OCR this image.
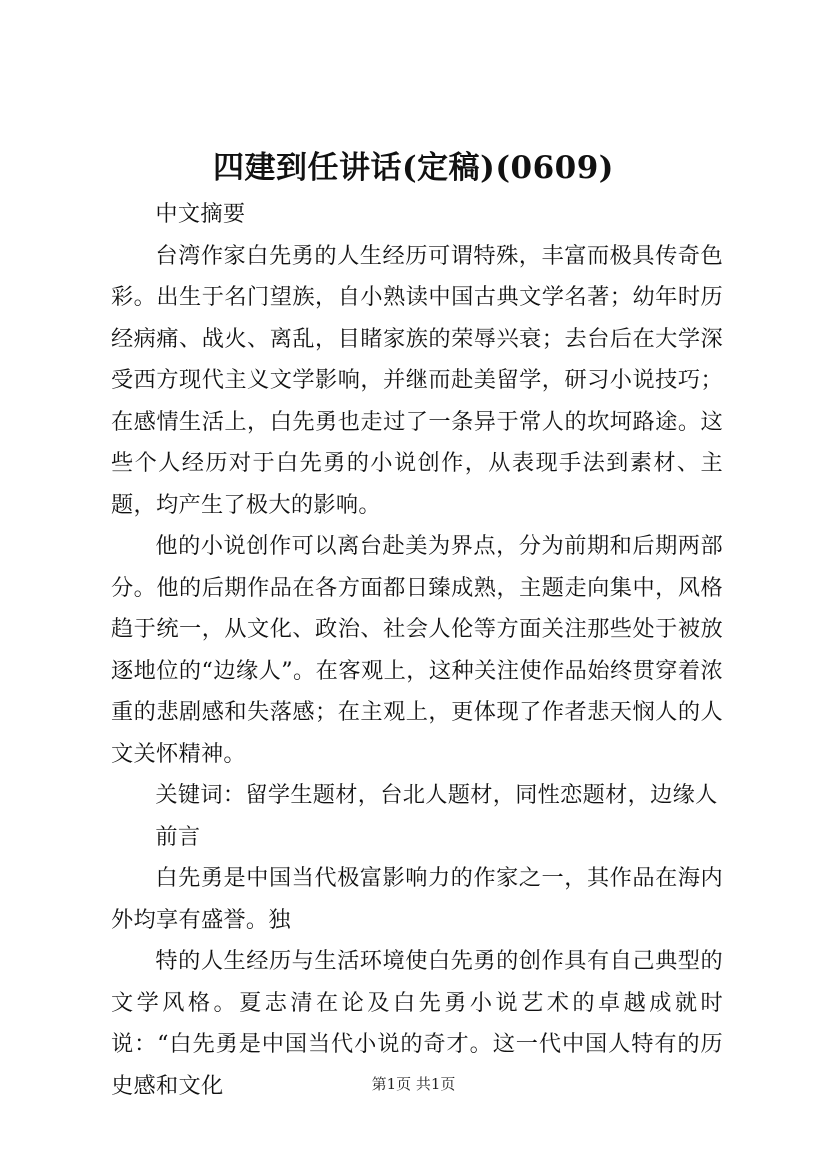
四建到任讲话(定稿)(0609)

中文摘要

台湾作家白先勇的人生经历可谓特殊，丰富而极具传奇色彩。出生于名门望族，自小熟读中国古典文学名著；幼年时历经病痛、战火、离乱，目睹家族的荣辱兴衰；去台后在大学深受西方现代主义文学影响，并继而赴美留学，研习小说技巧；在感情生活上，白先勇也走过了一条异于常人的坎坷路途。这些个人经历对于白先勇的小说创作，从表现手法到素材、主题，均产生了极大的影响。

他的小说创作可以离台赴美为界点，分为前期和后期两部分。他的后期作品在各方面都日臻成熟，主题走向集中，风格趋于统一，从文化、政治、社会人伦等方面关注那些处于被放逐地位的“边缘人”。在客观上，这种关注使作品始终贯穿着浓重的悲剧感和失落感；在主观上，更体现了作者悲天悯人的人文关怀精神。

关键词：留学生题材，台北人题材，同性恋题材，边缘人

前言

白先勇是中国当代极富影响力的作家之一，其作品在海内外均享有盛誉。独

特的人生经历与生活环境使白先勇的创作具有自己典型的文学风格。夏志清在论及白先勇小说艺术的卓越成就时说：“白先勇是中国当代小说的奇才。这一代中国人特有的历史感和文化	第1页 共1页
